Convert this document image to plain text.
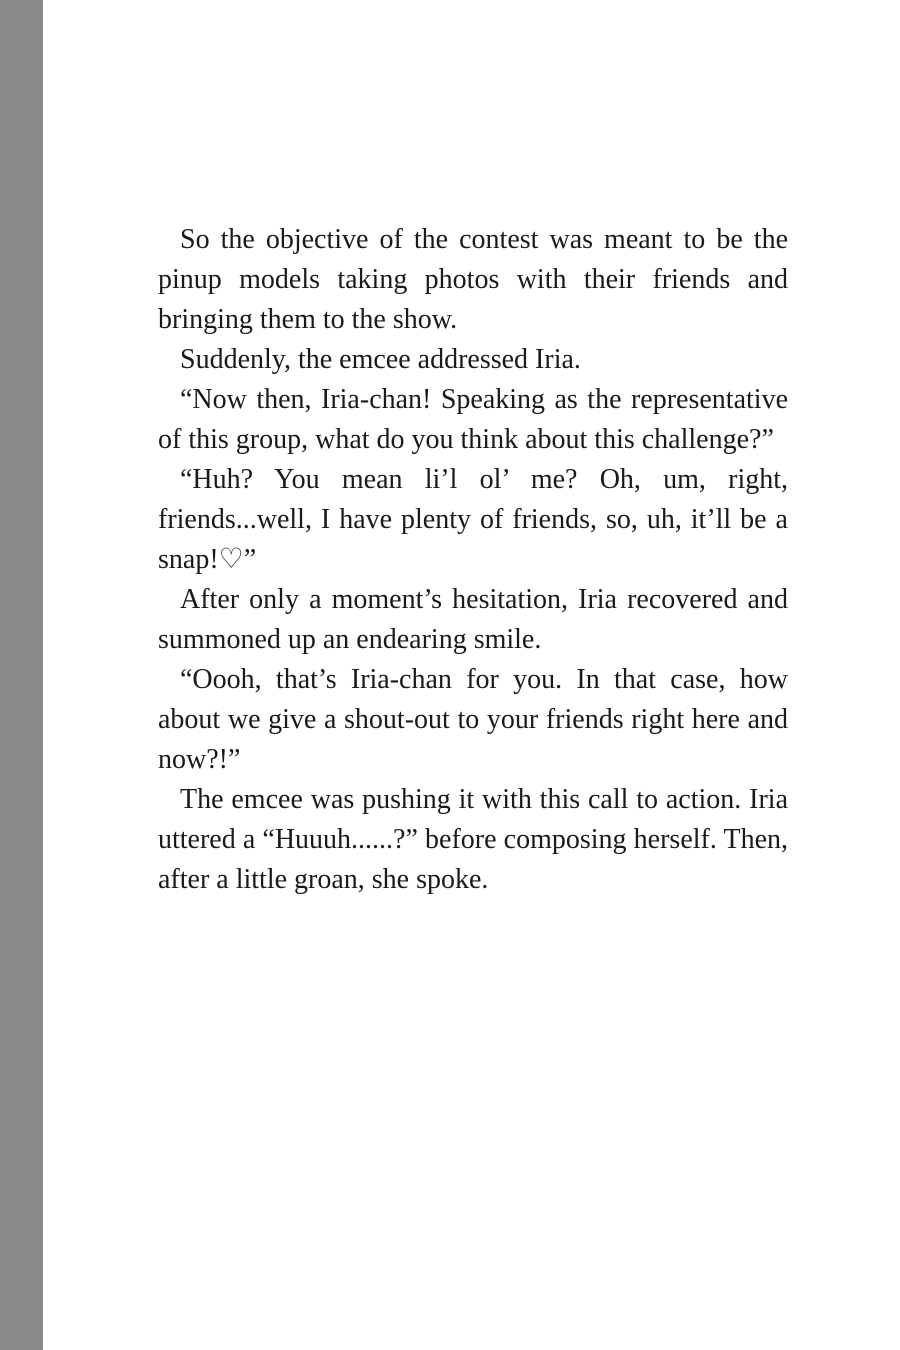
So the objective of the contest was meant to be the pinup models taking photos with their friends and bringing them to the show.

Suddenly, the emcee addressed Iria.

“Now then, Iria-chan! Speaking as the representative of this group, what do you think about this challenge?”

“Huh? You mean li’l ol’ me? Oh, um, right, friends...well, I have plenty of friends, so, uh, it’ll be a snap!♡”

After only a moment’s hesitation, Iria recovered and summoned up an endearing smile.

“Oooh, that’s Iria-chan for you. In that case, how about we give a shout-out to your friends right here and now?!”

The emcee was pushing it with this call to action. Iria uttered a “Huuuh......?” before composing herself. Then, after a little groan, she spoke.
